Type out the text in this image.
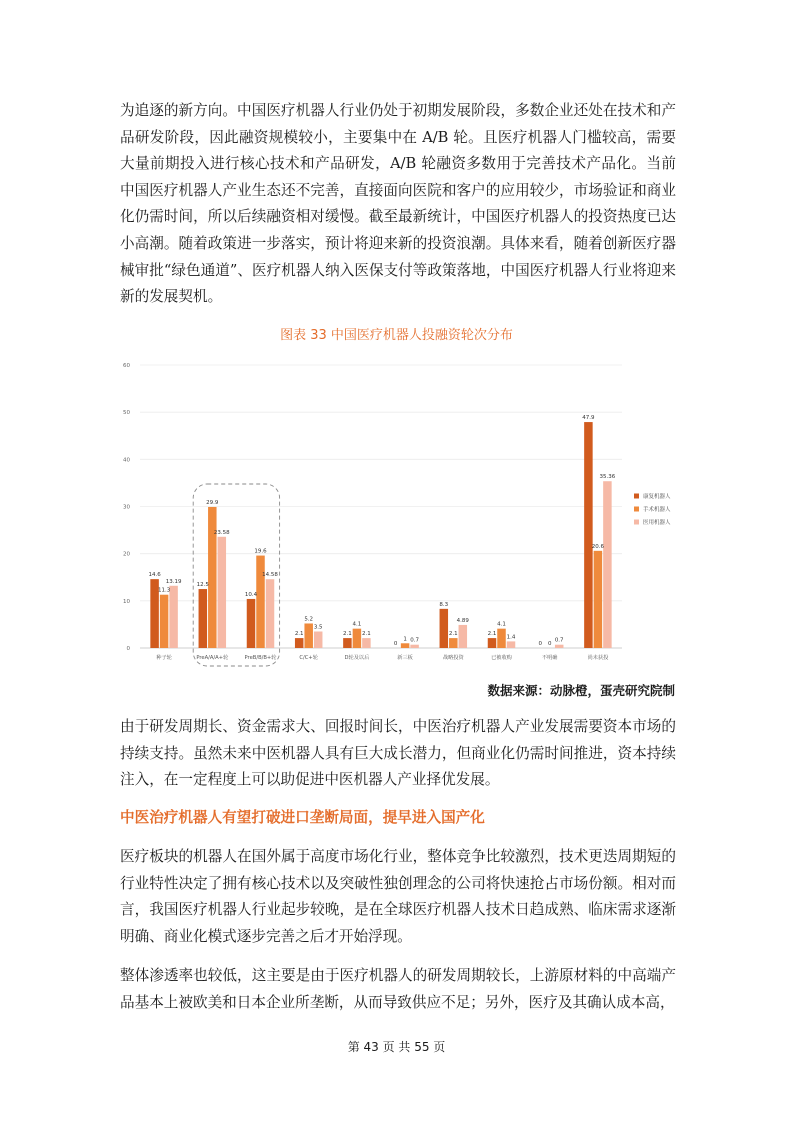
为追逐的新方向。中国医疗机器人行业仍处于初期发展阶段，多数企业还处在技术和产品研发阶段，因此融资规模较小，主要集中在 A/B 轮。且医疗机器人门槛较高，需要大量前期投入进行核心技术和产品研发，A/B 轮融资多数用于完善技术产品化。当前中国医疗机器人产业生态还不完善，直接面向医院和客户的应用较少，市场验证和商业化仍需时间，所以后续融资相对缓慢。截至最新统计，中国医疗机器人的投资热度已达小高潮。随着政策进一步落实，预计将迎来新的投资浪潮。具体来看，随着创新医疗器械审批“绿色通道”、医疗机器人纳入医保支付等政策落地，中国医疗机器人行业将迎来新的发展契机。

图表 33 中国医疗机器人投融资轮次分布
0
10
20
30
40
50
60
14.6
11.3
13.19
12.5
29.9
23.58
10.4
19.6
14.58
2.1
5.2
3.5
2.1
4.1
2.1
0
1 0.7
8.3
2.1
4.89
2.1
4.1
1.4
0 0
0.7
47.9
20.6
35.36
种子轮	PreA/A/A+轮	PreB/B/B+轮	C/C+轮	D轮及以后	新三板	战略投资	已被收购	不明确	尚未获投
康复机器人
手术机器人
医用机器人
数据来源：动脉橙，蛋壳研究院制

由于研发周期长、资金需求大、回报时间长，中医治疗机器人产业发展需要资本市场的持续支持。虽然未来中医机器人具有巨大成长潜力，但商业化仍需时间推进，资本持续注入，在一定程度上可以助促进中医机器人产业择优发展。

中医治疗机器人有望打破进口垄断局面，提早进入国产化

医疗板块的机器人在国外属于高度市场化行业，整体竞争比较激烈，技术更迭周期短的行业特性决定了拥有核心技术以及突破性独创理念的公司将快速抢占市场份额。相对而言，我国医疗机器人行业起步较晚，是在全球医疗机器人技术日趋成熟、临床需求逐渐明确、商业化模式逐步完善之后才开始浮现。

整体渗透率也较低，这主要是由于医疗机器人的研发周期较长，上游原材料的中高端产品基本上被欧美和日本企业所垄断，从而导致供应不足；另外，医疗及其确认成本高，

第 43 页 共 55 页
